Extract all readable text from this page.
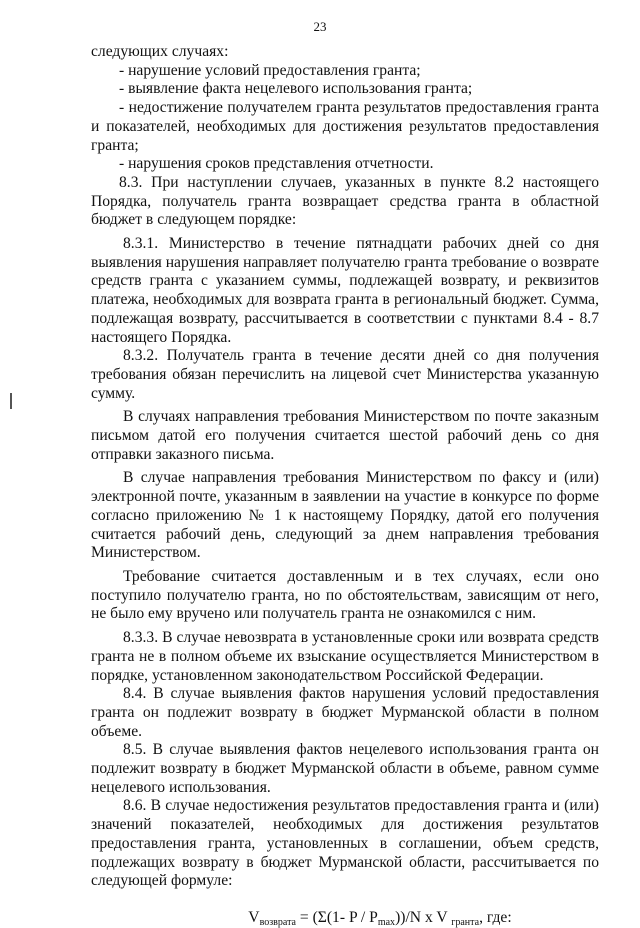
23

следующих случаях:

- нарушение условий предоставления гранта;

- выявление факта нецелевого использования гранта;

- недостижение получателем гранта результатов предоставления гранта и показателей, необходимых для достижения результатов предоставления гранта;

- нарушения сроков представления отчетности.

8.3. При наступлении случаев, указанных в пункте 8.2 настоящего Порядка, получатель гранта возвращает средства гранта в областной бюджет в следующем порядке:

8.3.1. Министерство в течение пятнадцати рабочих дней со дня выявления нарушения направляет получателю гранта требование о возврате средств гранта с указанием суммы, подлежащей возврату, и реквизитов платежа, необходимых для возврата гранта в региональный бюджет. Сумма, подлежащая возврату, рассчитывается в соответствии с пунктами 8.4 - 8.7 настоящего Порядка.

8.3.2. Получатель гранта в течение десяти дней со дня получения требования обязан перечислить на лицевой счет Министерства указанную сумму.

В случаях направления требования Министерством по почте заказным письмом датой его получения считается шестой рабочий день со дня отправки заказного письма.

В случае направления требования Министерством по факсу и (или) электронной почте, указанным в заявлении на участие в конкурсе по форме согласно приложению № 1 к настоящему Порядку, датой его получения считается рабочий день, следующий за днем направления требования Министерством.

Требование считается доставленным и в тех случаях, если оно поступило получателю гранта, но по обстоятельствам, зависящим от него, не было ему вручено или получатель гранта не ознакомился с ним.

8.3.3. В случае невозврата в установленные сроки или возврата средств гранта не в полном объеме их взыскание осуществляется Министерством в порядке, установленном законодательством Российской Федерации.

8.4. В случае выявления фактов нарушения условий предоставления гранта он подлежит возврату в бюджет Мурманской области в полном объеме.

8.5. В случае выявления фактов нецелевого использования гранта он подлежит возврату в бюджет Мурманской области в объеме, равном сумме нецелевого использования.

8.6. В случае недостижения результатов предоставления гранта и (или) значений показателей, необходимых для достижения результатов предоставления гранта, установленных в соглашении, объем средств, подлежащих возврату в бюджет Мурманской области, рассчитывается по следующей формуле:

$V_{возврата} = (\Sigma(1-$ P / $P_{max}))/N$ x V $_{гранта}$, где:
